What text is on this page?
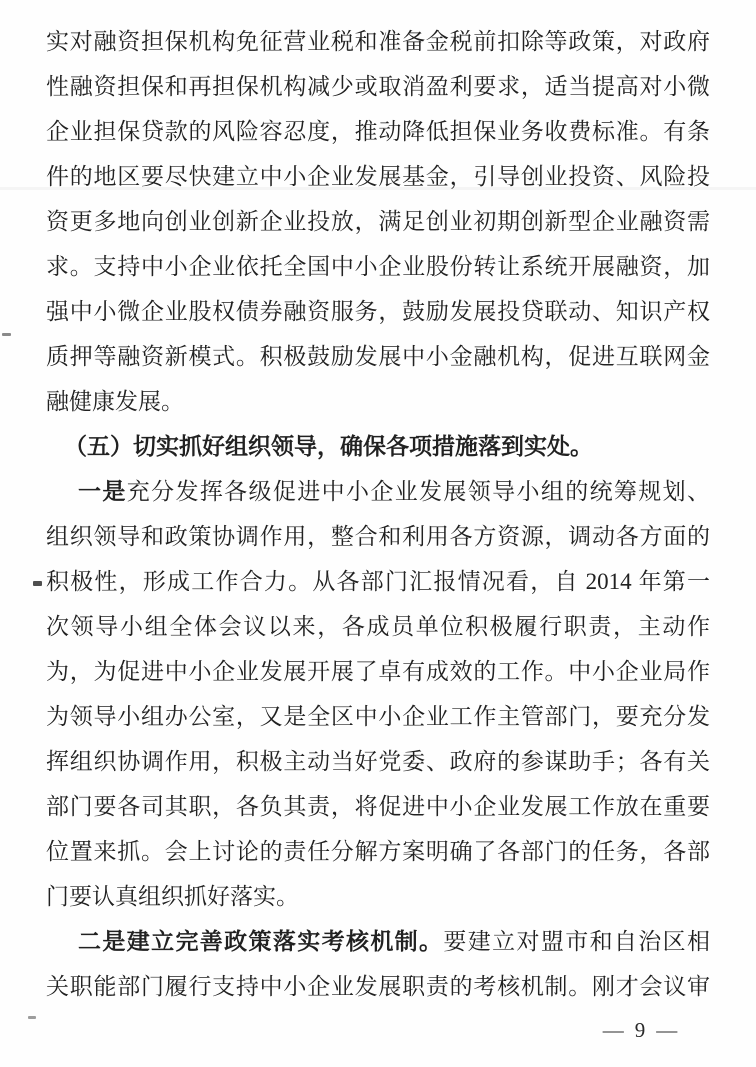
实对融资担保机构免征营业税和准备金税前扣除等政策，对政府
性融资担保和再担保机构减少或取消盈利要求，适当提高对小微
企业担保贷款的风险容忍度，推动降低担保业务收费标准。有条
件的地区要尽快建立中小企业发展基金，引导创业投资、风险投
资更多地向创业创新企业投放，满足创业初期创新型企业融资需
求。支持中小企业依托全国中小企业股份转让系统开展融资，加
强中小微企业股权债券融资服务，鼓励发展投贷联动、知识产权
质押等融资新模式。积极鼓励发展中小金融机构，促进互联网金
融健康发展。
（五）切实抓好组织领导，确保各项措施落到实处。
一是充分发挥各级促进中小企业发展领导小组的统筹规划、
组织领导和政策协调作用，整合和利用各方资源，调动各方面的
积极性，形成工作合力。从各部门汇报情况看，自 2014 年第一
次领导小组全体会议以来，各成员单位积极履行职责，主动作
为，为促进中小企业发展开展了卓有成效的工作。中小企业局作
为领导小组办公室，又是全区中小企业工作主管部门，要充分发
挥组织协调作用，积极主动当好党委、政府的参谋助手；各有关
部门要各司其职，各负其责，将促进中小企业发展工作放在重要
位置来抓。会上讨论的责任分解方案明确了各部门的任务，各部
门要认真组织抓好落实。
二是建立完善政策落实考核机制。要建立对盟市和自治区相
关职能部门履行支持中小企业发展职责的考核机制。刚才会议审
— 9 —
